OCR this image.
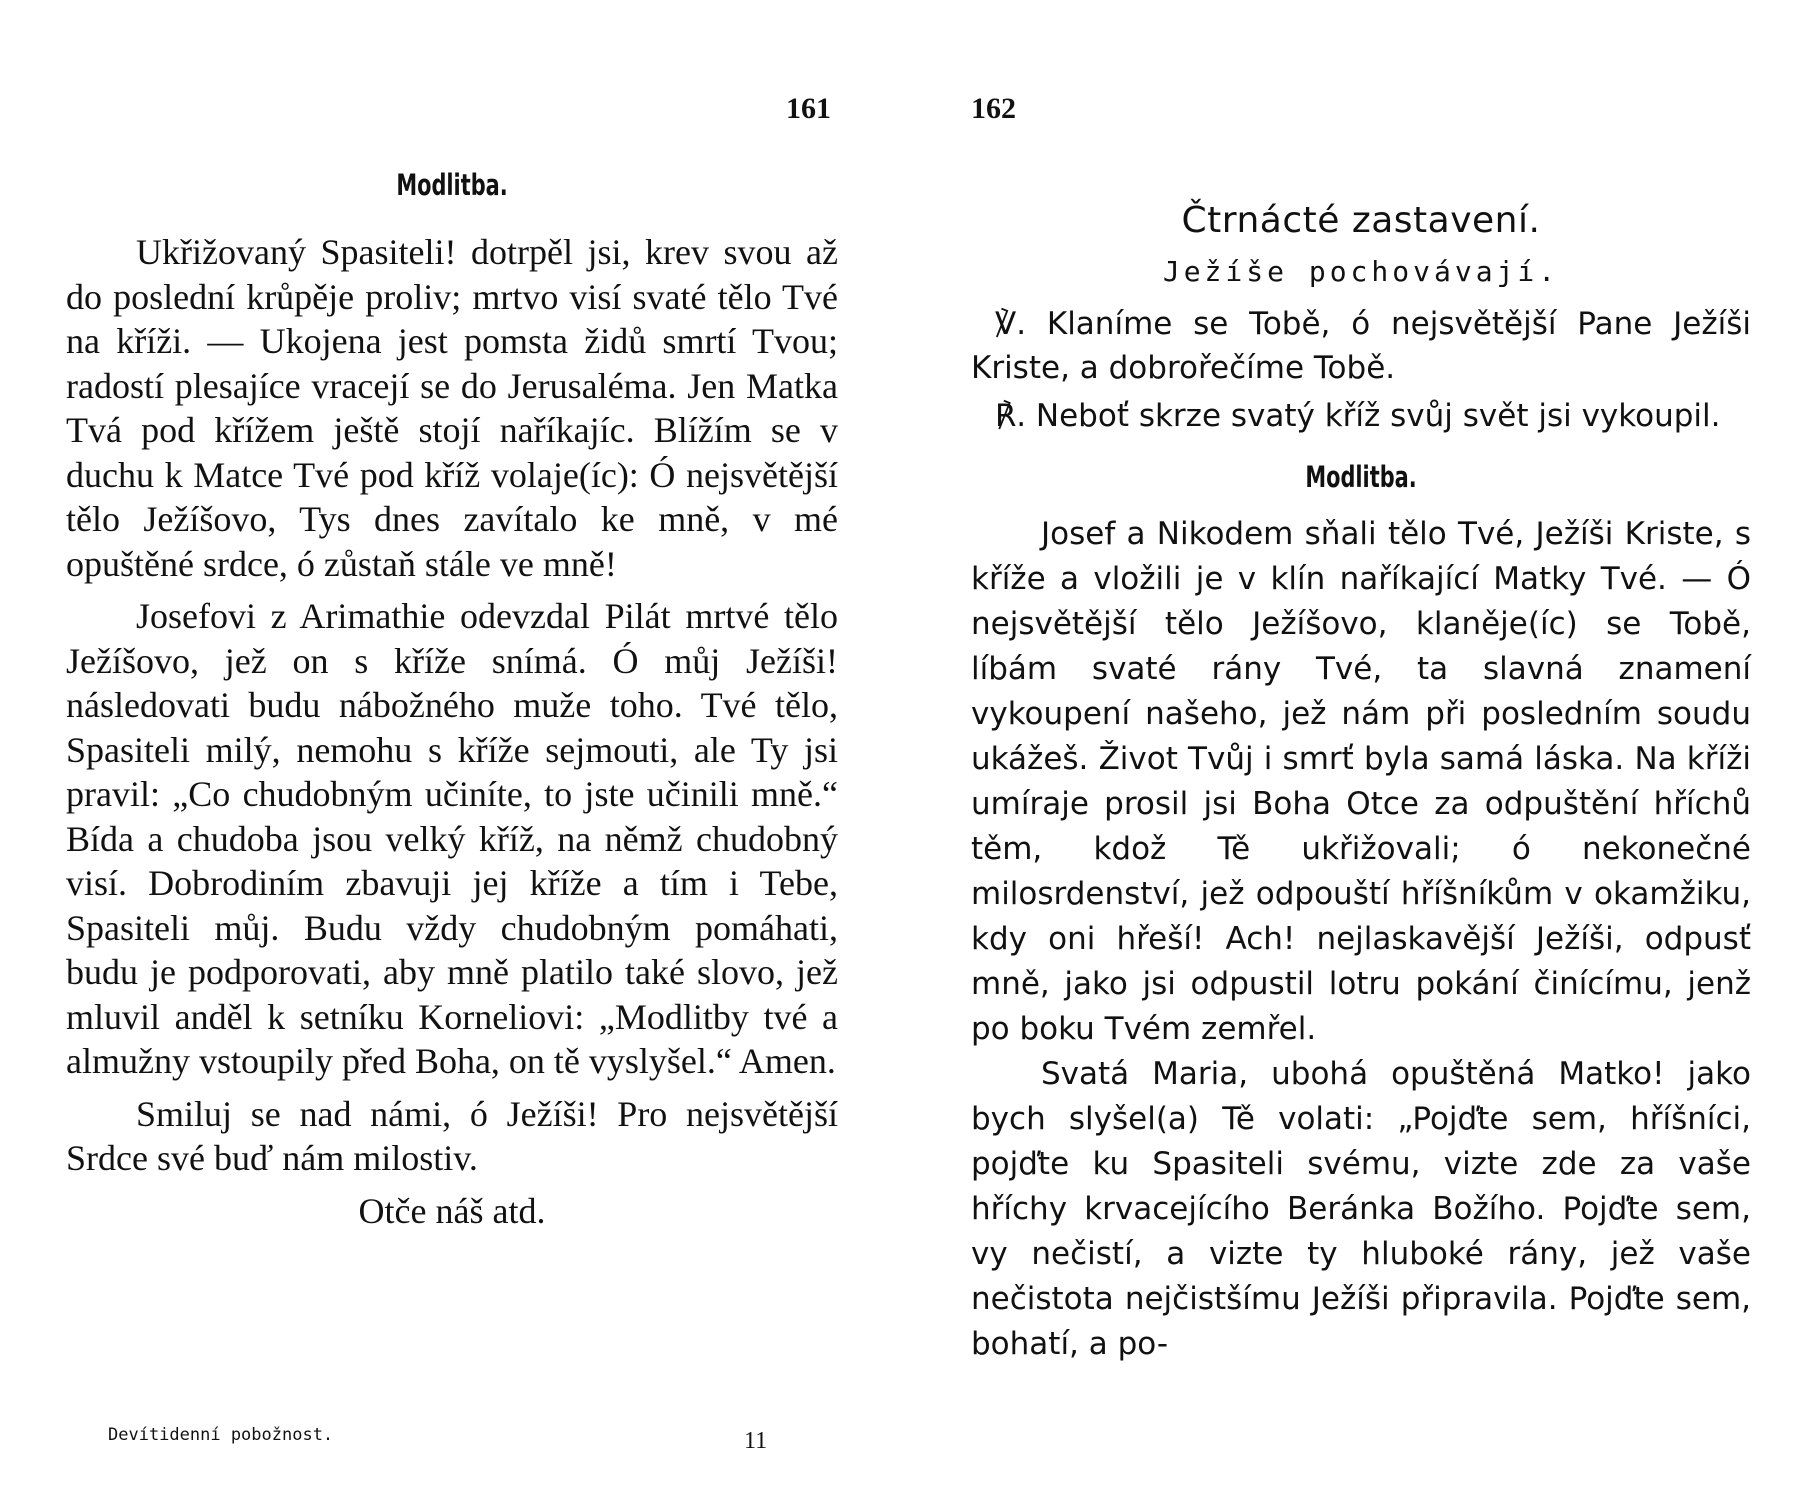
161

Modlitba.

Ukřižovaný Spasiteli! dotrpěl jsi, krev svou až do poslední krůpěje proliv; mrtvo visí svaté tělo Tvé na kříži. — Ukojena jest pomsta židů smrtí Tvou; radostí plesajíce vracejí se do Jerusaléma. Jen Matka Tvá pod křížem ještě stojí naříkajíc. Blížím se v duchu k Matce Tvé pod kříž volaje(íc): Ó nejsvětější tělo Ježíšovo, Tys dnes zavítalo ke mně, v mé opuštěné srdce, ó zůstaň stále ve mně!

Josefovi z Arimathie odevzdal Pilát mrtvé tělo Ježíšovo, jež on s kříže snímá. Ó můj Ježíši! následovati budu nábožného muže toho. Tvé tělo, Spasiteli milý, nemohu s kříže sejmouti, ale Ty jsi pravil: „Co chudobným učiníte, to jste učinili mně.“ Bída a chudoba jsou velký kříž, na němž chudobný visí. Dobrodiním zbavuji jej kříže a tím i Tebe, Spasiteli můj. Budu vždy chudobným pomáhati, budu je podporovati, aby mně platilo také slovo, jež mluvil anděl k setníku Korneliovi: „Modlitby tvé a almužny vstoupily před Boha, on tě vyslyšel.“ Amen.

Smiluj se nad námi, ó Ježíši! Pro nejsvětější Srdce své buď nám milostiv.

Otče náš atd.

Devítidenní pobožnost.	11
162

Čtrnácté zastavení.

Ježíše pochovávají.

℣. Klaníme se Tobě, ó nejsvětější Pane Ježíši Kriste, a dobrořečíme Tobě.

℟. Neboť skrze svatý kříž svůj svět jsi vykoupil.

Modlitba.

Josef a Nikodem sňali tělo Tvé, Ježíši Kriste, s kříže a vložili je v klín naříkající Matky Tvé. — Ó nejsvětější tělo Ježíšovo, klaněje(íc) se Tobě, líbám svaté rány Tvé, ta slavná znamení vykoupení našeho, jež nám při posledním soudu ukážeš. Život Tvůj i smrť byla samá láska. Na kříži umíraje prosil jsi Boha Otce za odpuštění hříchů těm, kdož Tě ukřižovali; ó nekonečné milosrdenství, jež odpouští hříšníkům v okamžiku, kdy oni hřeší! Ach! nejlaskavější Ježíši, odpusť mně, jako jsi odpustil lotru pokání činícímu, jenž po boku Tvém zemřel.

Svatá Maria, ubohá opuštěná Matko! jako bych slyšel(a) Tě volati: „Pojďte sem, hříšníci, pojďte ku Spasiteli svému, vizte zde za vaše hříchy krvacejícího Beránka Božího. Pojďte sem, vy nečistí, a vizte ty hluboké rány, jež vaše nečistota nejčistšímu Ježíši připravila. Pojďte sem, bohatí, a po-
